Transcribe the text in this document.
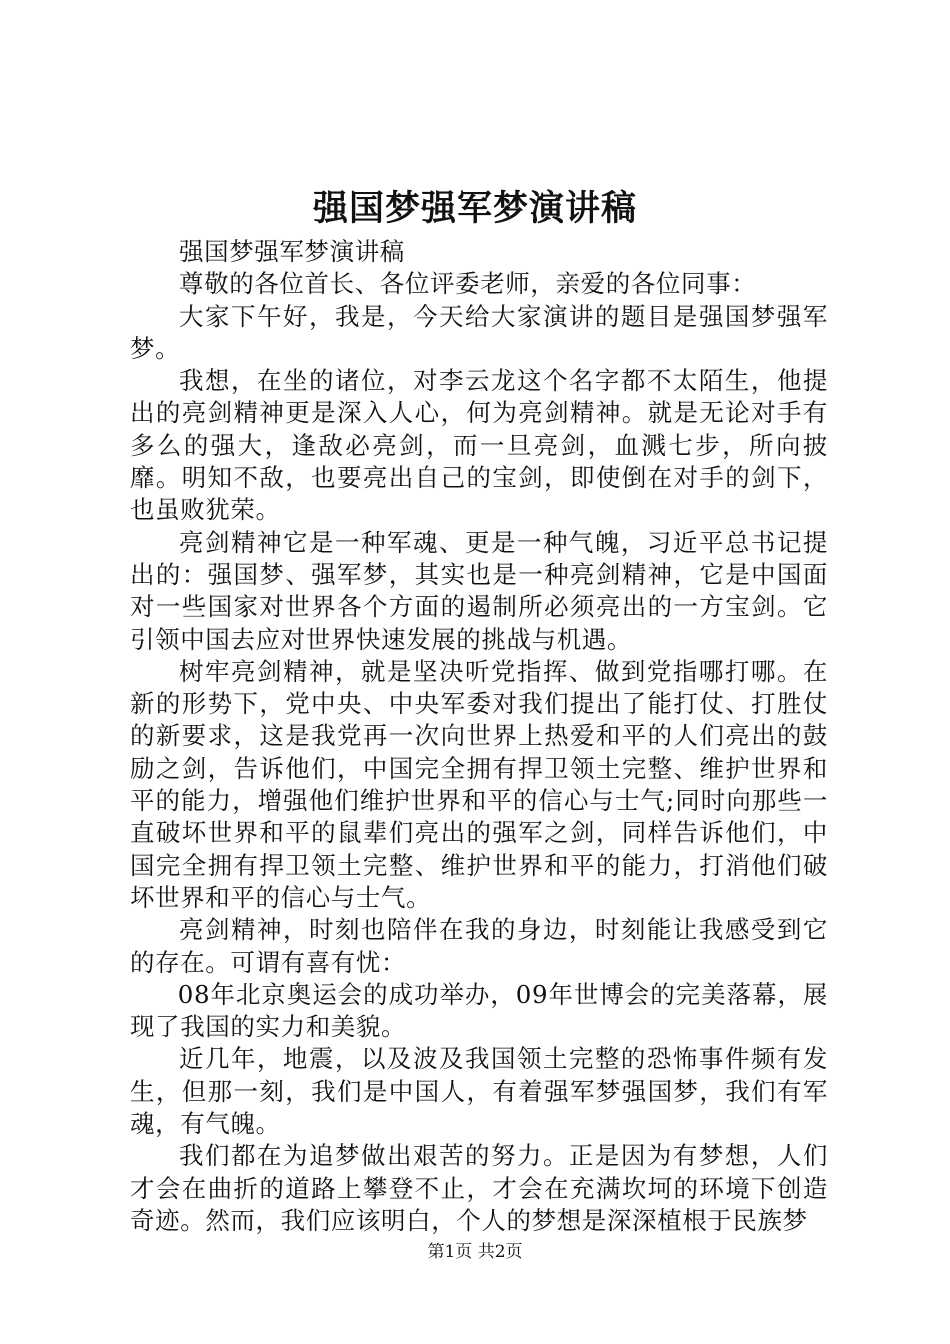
强国梦强军梦演讲稿

强国梦强军梦演讲稿

尊敬的各位首长、各位评委老师，亲爱的各位同事：

大家下午好，我是，今天给大家演讲的题目是强国梦强军梦。

我想，在坐的诸位，对李云龙这个名字都不太陌生，他提出的亮剑精神更是深入人心，何为亮剑精神。就是无论对手有多么的强大，逢敌必亮剑，而一旦亮剑，血溅七步，所向披靡。明知不敌，也要亮出自己的宝剑，即使倒在对手的剑下，也虽败犹荣。

亮剑精神它是一种军魂、更是一种气魄，习近平总书记提出的：强国梦、强军梦，其实也是一种亮剑精神，它是中国面对一些国家对世界各个方面的遏制所必须亮出的一方宝剑。它引领中国去应对世界快速发展的挑战与机遇。

树牢亮剑精神，就是坚决听党指挥、做到党指哪打哪。在新的形势下，党中央、中央军委对我们提出了能打仗、打胜仗的新要求，这是我党再一次向世界上热爱和平的人们亮出的鼓励之剑，告诉他们，中国完全拥有捍卫领土完整、维护世界和平的能力，增强他们维护世界和平的信心与士气;同时向那些一直破坏世界和平的鼠辈们亮出的强军之剑，同样告诉他们，中国完全拥有捍卫领土完整、维护世界和平的能力，打消他们破坏世界和平的信心与士气。

亮剑精神，时刻也陪伴在我的身边，时刻能让我感受到它的存在。可谓有喜有忧：

08年北京奥运会的成功举办，09年世博会的完美落幕，展现了我国的实力和美貌。

近几年，地震，以及波及我国领土完整的恐怖事件频有发生，但那一刻，我们是中国人，有着强军梦强国梦，我们有军魂，有气魄。

我们都在为追梦做出艰苦的努力。正是因为有梦想，人们才会在曲折的道路上攀登不止，才会在充满坎坷的环境下创造奇迹。然而，我们应该明白，个人的梦想是深深植根于民族梦

第1页 共2页
